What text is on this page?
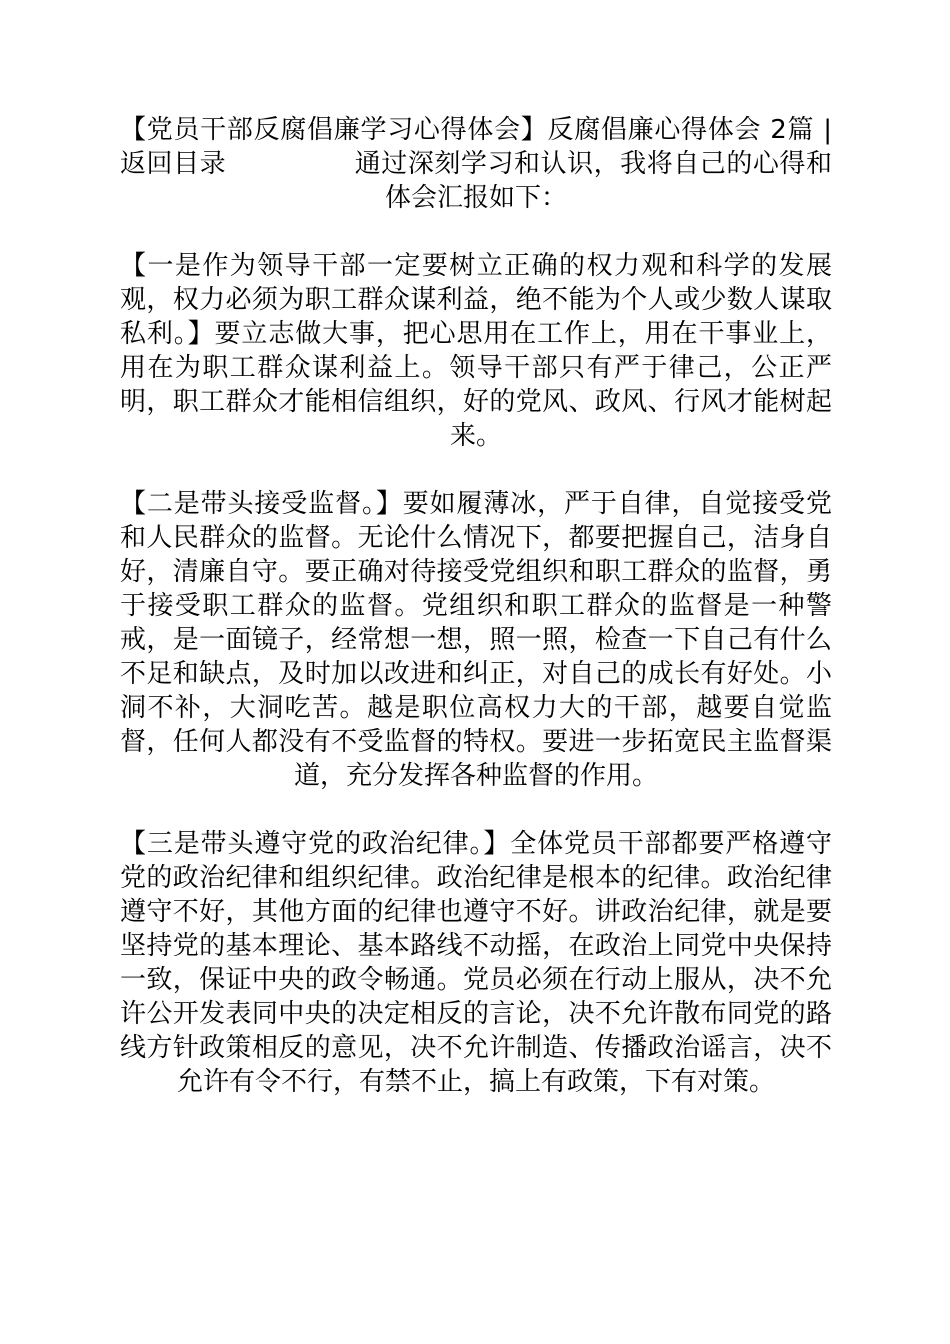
【党员干部反腐倡廉学习心得体会】反腐倡廉心得体会 2篇 | 返回目录	通过深刻学习和认识，我将自己的心得和体会汇报如下：

【一是作为领导干部一定要树立正确的权力观和科学的发展观，权力必须为职工群众谋利益，绝不能为个人或少数人谋取私利。】要立志做大事，把心思用在工作上，用在干事业上，用在为职工群众谋利益上。领导干部只有严于律己，公正严明，职工群众才能相信组织，好的党风、政风、行风才能树起来。

【二是带头接受监督。】要如履薄冰，严于自律，自觉接受党和人民群众的监督。无论什么情况下，都要把握自己，洁身自好，清廉自守。要正确对待接受党组织和职工群众的监督，勇于接受职工群众的监督。党组织和职工群众的监督是一种警戒，是一面镜子，经常想一想，照一照，检查一下自己有什么不足和缺点，及时加以改进和纠正，对自己的成长有好处。小洞不补，大洞吃苦。越是职位高权力大的干部，越要自觉监督，任何人都没有不受监督的特权。要进一步拓宽民主监督渠道，充分发挥各种监督的作用。

【三是带头遵守党的政治纪律。】全体党员干部都要严格遵守党的政治纪律和组织纪律。政治纪律是根本的纪律。政治纪律遵守不好，其他方面的纪律也遵守不好。讲政治纪律，就是要坚持党的基本理论、基本路线不动摇，在政治上同党中央保持一致，保证中央的政令畅通。党员必须在行动上服从，决不允许公开发表同中央的决定相反的言论，决不允许散布同党的路线方针政策相反的意见，决不允许制造、传播政治谣言，决不允许有令不行，有禁不止，搞上有政策，下有对策。
